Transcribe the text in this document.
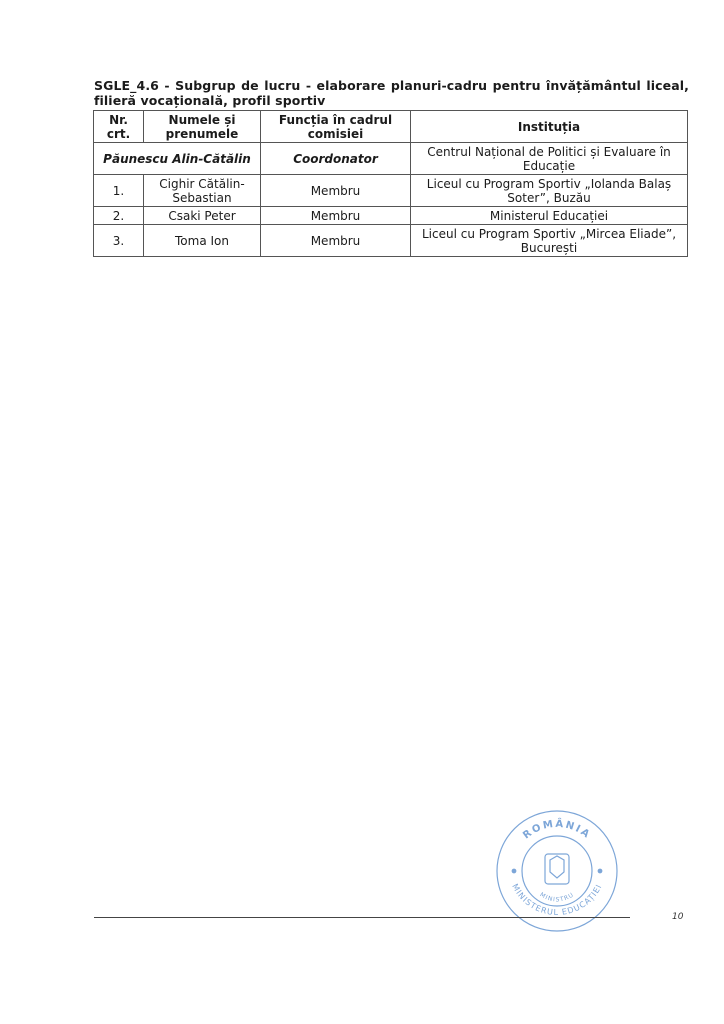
SGLE_4.6 - Subgrup de lucru - elaborare planuri-cadru pentru învățământul liceal, filieră vocațională, profil sportiv
Nr. crt.	Numele și prenumele	Funcția în cadrul comisiei	Instituția
Păunescu Alin-Cătălin		Coordonator	Centrul Național de Politici și Evaluare în Educație
1.	Cighir Cătălin-Sebastian	Membru	Liceul cu Program Sportiv „Iolanda Balaș Soter”, Buzău
2.	Csaki Peter	Membru	Ministerul Educației
3.	Toma Ion	Membru	Liceul cu Program Sportiv „Mircea Eliade”, București
ROMÂNIA
MINISTERUL EDUCAȚIEI
MINISTRU
10
